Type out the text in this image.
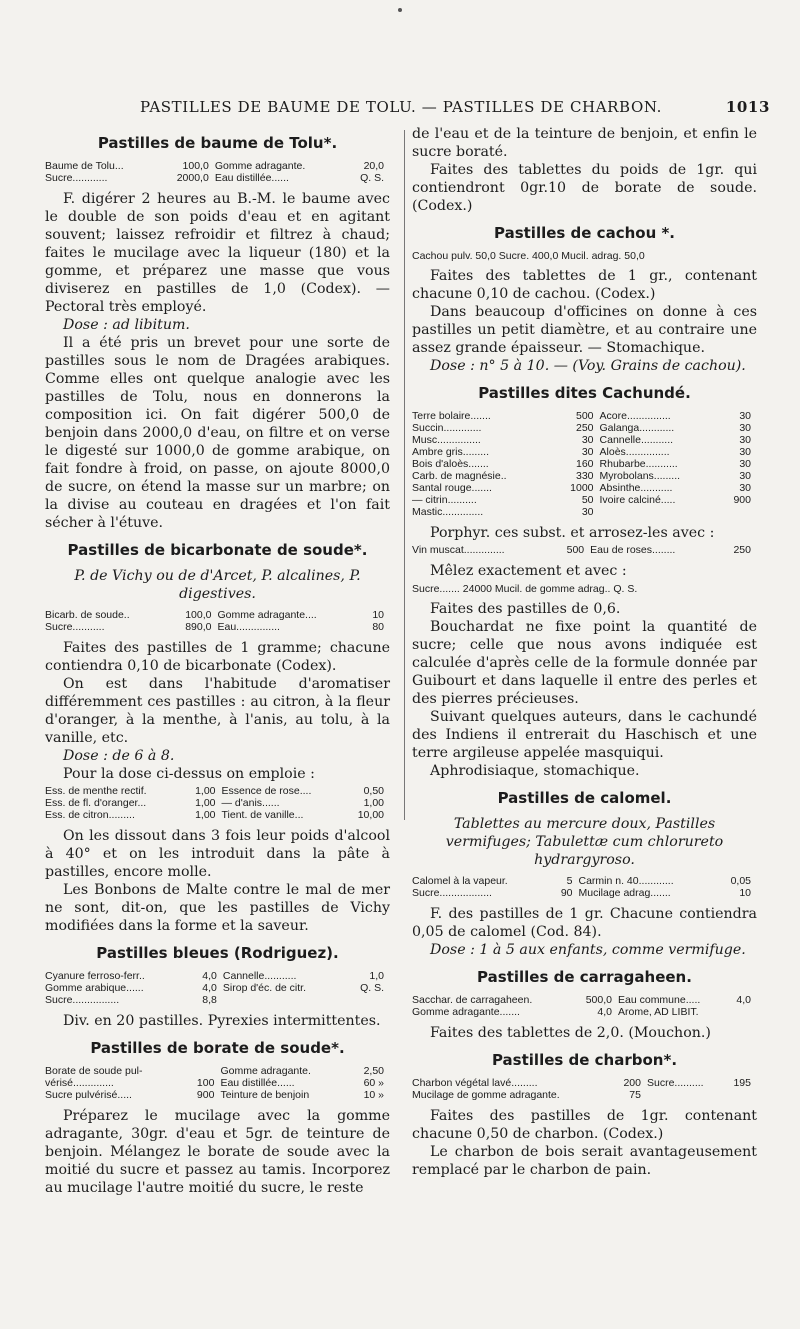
PASTILLES DE BAUME DE TOLU. — PASTILLES DE CHARBON.	1013
Pastilles de baume de Tolu*.
Baume de Tolu...	100,0	Gomme adragante.	20,0
Sucre............	2000,0	Eau distillée......	Q. S.

F. digérer 2 heures au B.-M. le baume avec le double de son poids d'eau et en agitant souvent; laissez refroidir et filtrez à chaud; faites le mucilage avec la liqueur (180) et la gomme, et préparez une masse que vous diviserez en pastilles de 1,0 (Codex). — Pectoral très employé.

Dose : ad libitum.

Il a été pris un brevet pour une sorte de pastilles sous le nom de Dragées arabiques. Comme elles ont quelque analogie avec les pastilles de Tolu, nous en donnerons la composition ici. On fait digérer 500,0 de benjoin dans 2000,0 d'eau, on filtre et on verse le digesté sur 1000,0 de gomme arabique, on fait fondre à froid, on passe, on ajoute 8000,0 de sucre, on étend la masse sur un marbre; on la divise au couteau en dragées et l'on fait sécher à l'étuve.

Pastilles de bicarbonate de soude*.
P. de Vichy ou de d'Arcet, P. alcalines, P. digestives.
Bicarb. de soude..	100,0	Gomme adragante....	10
Sucre...........	890,0	Eau...............	80

Faites des pastilles de 1 gramme; chacune contiendra 0,10 de bicarbonate (Codex).

On est dans l'habitude d'aromatiser différemment ces pastilles : au citron, à la fleur d'oranger, à la menthe, à l'anis, au tolu, à la vanille, etc.

Dose : de 6 à 8.

Pour la dose ci-dessus on emploie :

Ess. de menthe rectif.	1,00	Essence de rose....	0,50
Ess. de fl. d'oranger...	1,00	— d'anis......	1,00
Ess. de citron.........	1,00	Tient. de vanille...	10,00

On les dissout dans 3 fois leur poids d'alcool à 40° et on les introduit dans la pâte à pastilles, encore molle.

Les Bonbons de Malte contre le mal de mer ne sont, dit-on, que les pastilles de Vichy modifiées dans la forme et la saveur.

Pastilles bleues (Rodriguez).
Cyanure ferroso-ferr..	4,0	Cannelle...........	1,0
Gomme arabique......	4,0	Sirop d'éc. de citr.	Q. S.
Sucre................	8,8		

Div. en 20 pastilles. Pyrexies intermittentes.

Pastilles de borate de soude*.
Borate de soude pul-		Gomme adragante.	2,50
vérisé..............	100	Eau distillée......	60 »
Sucre pulvérisé.....	900	Teinture de benjoin	10 »

Préparez le mucilage avec la gomme adragante, 30gr. d'eau et 5gr. de teinture de benjoin. Mélangez le borate de soude avec la moitié du sucre et passez au tamis. Incorporez au mucilage l'autre moitié du sucre, le reste

de l'eau et de la teinture de benjoin, et enfin le sucre boraté.

Faites des tablettes du poids de 1gr. qui contiendront 0gr.10 de borate de soude. (Codex.)

Pastilles de cachou *.
Cachou pulv. 50,0 Sucre. 400,0 Mucil. adrag. 50,0

Faites des tablettes de 1 gr., contenant chacune 0,10 de cachou. (Codex.)

Dans beaucoup d'officines on donne à ces pastilles un petit diamètre, et au contraire une assez grande épaisseur. — Stomachique.

Dose : n° 5 à 10. — (Voy. Grains de cachou).

Pastilles dites Cachundé.
Terre bolaire.......	500	Acore...............	30
Succin.............	250	Galanga............	30
Musc...............	30	Cannelle...........	30
Ambre gris.........	30	Aloès...............	30
Bois d'aloès.......	160	Rhubarbe...........	30
Carb. de magnésie..	330	Myrobolans.........	30
Santal rouge.......	1000	Absinthe...........	30
— citrin..........	50	Ivoire calciné.....	900
Mastic..............	30		

Porphyr. ces subst. et arrosez-les avec :

Vin muscat..............	500	Eau de roses........	250

Mêlez exactement et avec :

Sucre....... 24000 Mucil. de gomme adrag.. Q. S.

Faites des pastilles de 0,6.

Bouchardat ne fixe point la quantité de sucre; celle que nous avons indiquée est calculée d'après celle de la formule donnée par Guibourt et dans laquelle il entre des perles et des pierres précieuses.

Suivant quelques auteurs, dans le cachundé des Indiens il entrerait du Haschisch et une terre argileuse appelée masquiqui.

Aphrodisiaque, stomachique.

Pastilles de calomel.
Tablettes au mercure doux, Pastilles vermifuges; Tabulettæ cum chlorureto hydrargyroso.
Calomel à la vapeur.	5	Carmin n. 40............	0,05
Sucre..................	90	Mucilage adrag.......	10

F. des pastilles de 1 gr. Chacune contiendra 0,05 de calomel (Cod. 84).

Dose : 1 à 5 aux enfants, comme vermifuge.

Pastilles de carragaheen.
Sacchar. de carragaheen.	500,0	Eau commune.....	4,0
Gomme adragante.......	4,0	Arome, AD LIBIT.	

Faites des tablettes de 2,0. (Mouchon.)

Pastilles de charbon*.
Charbon végétal lavé.........	200	Sucre..........	195
Mucilage de gomme adragante.	75		

Faites des pastilles de 1gr. contenant chacune 0,50 de charbon. (Codex.)

Le charbon de bois serait avantageusement remplacé par le charbon de pain.
